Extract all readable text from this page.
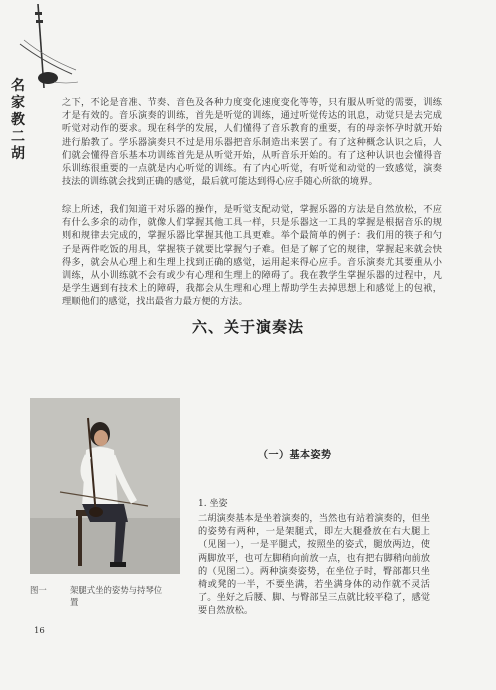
名
家
教
二
胡

之下，不论是音准、节奏、音色及各种力度变化速度变化等等，只有服从听觉的需要，训练才是有效的。音乐演奏的训练，首先是听觉的训练，通过听觉传达的讯息，动觉只是去完成听觉对动作的要求。现在科学的发展，人们懂得了音乐教育的重要，有的母亲怀孕时就开始进行胎教了。学乐器演奏只不过是用乐器把音乐制造出来罢了。有了这种概念认识之后，人们就会懂得音乐基本功训练首先是从听觉开始，从听音乐开始的。有了这种认识也会懂得音乐训练很重要的一点就是内心听觉的训练。有了内心听觉，有听觉和动觉的一致感觉，演奏技法的训练就会找到正确的感觉，最后就可能达到得心应手随心所欲的境界。

综上所述，我们知道干对乐器的操作，是听觉支配动觉，掌握乐器的方法是自然放松，不应有什么多余的动作，就像人们掌握其他工具一样，只是乐器这一工具的掌握是根据音乐的规则和规律去完成的，掌握乐器比掌握其他工具更难。举个最简单的例子：我们用的筷子和勺子是两件吃饭的用具，掌握筷子就要比掌握勺子难。但是了解了它的规律，掌握起来就会快得多，就会从心理上和生理上找到正确的感觉，运用起来得心应手。音乐演奏尤其要重从小训练，从小训练就不会有或少有心理和生理上的障碍了。我在教学生掌握乐器的过程中，凡是学生遇到有技术上的障碍，我都会从生理和心理上帮助学生去掉思想上和感觉上的包袱，理顺他们的感觉，找出最省力最方便的方法。

六、关于演奏法
图一	架腿式坐的姿势与持琴位置
（一）基本姿势
1. 坐姿

二胡演奏基本是坐着演奏的，当然也有站着演奏的，但坐的姿势有两种，一是架腿式，即左大腿叠放在右大腿上（见图一），一是平腿式，按照坐的姿式，腿放两边，使两脚放平，也可左脚稍向前放一点，也有把右脚稍向前放的（见图二）。两种演奏姿势，在坐位子时，臀部都只坐椅或凳的一半，不要坐满，若坐满身体的动作就不灵活了。坐好之后腰、脚、与臀部呈三点就比较平稳了，感觉要自然放松。

16
